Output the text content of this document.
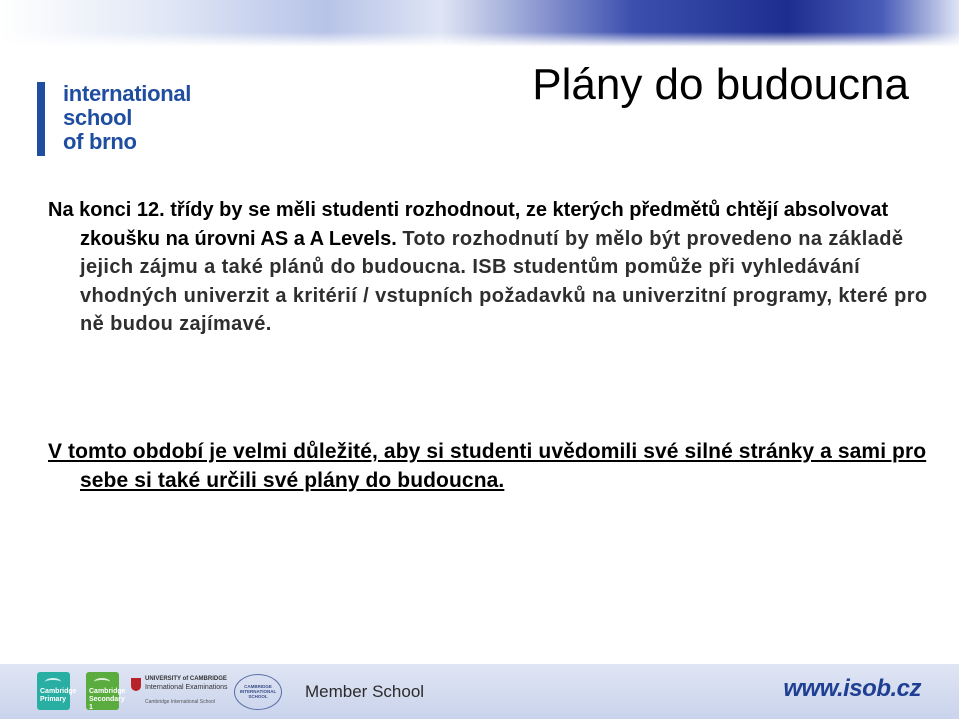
international
school
of brno
Plány do budoucna

Na konci 12. třídy by se měli studenti rozhodnout, ze kterých předmětů chtějí absolvovat zkoušku na úrovni AS a A Levels. Toto rozhodnutí by mělo být provedeno na základě jejich zájmu a také plánů do budoucna. ISB studentům pomůže při vyhledávání vhodných univerzit a kritérií / vstupních požadavků na univerzitní programy, které pro ně budou zajímavé.

V tomto období je velmi důležité, aby si studenti uvědomili své silné stránky a sami pro sebe si také určili své plány do budoucna.

Cambridge
Primary
Cambridge
Secondary 1
UNIVERSITY of CAMBRIDGE
International Examinations
Cambridge International School
CAMBRIDGE
INTERNATIONAL
SCHOOL	Member School	www.isob.cz
